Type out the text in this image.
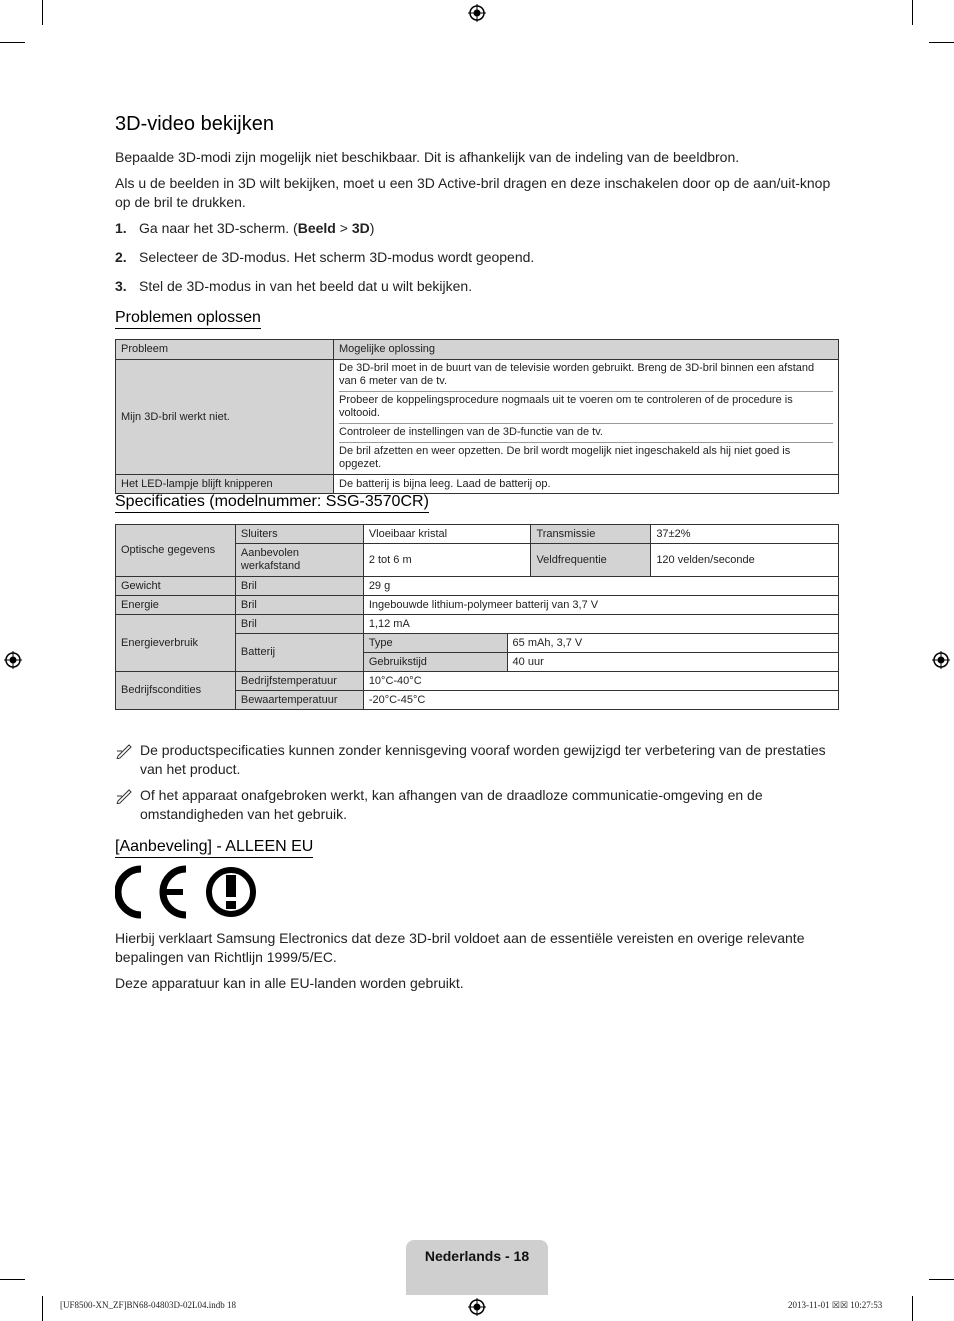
3D-video bekijken

Bepaalde 3D-modi zijn mogelijk niet beschikbaar. Dit is afhankelijk van de indeling van de beeldbron.

Als u de beelden in 3D wilt bekijken, moet u een 3D Active-bril dragen en deze inschakelen door op de aan/uit-knop op de bril te drukken.

1. Ga naar het 3D-scherm. (Beeld > 3D)
2. Selecteer de 3D-modus. Het scherm 3D-modus wordt geopend.
3. Stel de 3D-modus in van het beeld dat u wilt bekijken.
Problemen oplossen
Probleem	Mogelijke oplossing
Mijn 3D-bril werkt niet.	De 3D-bril moet in de buurt van de televisie worden gebruikt. Breng de 3D-bril binnen een afstand van 6 meter van de tv.
Probeer de koppelingsprocedure nogmaals uit te voeren om te controleren of de procedure is voltooid.
Controleer de instellingen van de 3D-functie van de tv.
De bril afzetten en weer opzetten. De bril wordt mogelijk niet ingeschakeld als hij niet goed is opgezet.

Het LED-lampje blijft knipperen	De batterij is bijna leeg. Laad de batterij op.
Specificaties (modelnummer: SSG-3570CR)
Optische gegevens	Sluiters	Vloeibaar kristal		Transmissie	37±2%
	Aanbevolen werkafstand	2 tot 6 m		Veldfrequentie	120 velden/seconde
Gewicht	Bril	29 g			
Energie	Bril	Ingebouwde lithium-polymeer batterij van 3,7 V			
Energieverbruik	Bril	1,12 mA			
	Batterij	Type	65 mAh, 3,7 V		
		Gebruikstijd	40 uur		
Bedrijfscondities	Bedrijfstemperatuur	10°C-40°C			
	Bewaartemperatuur	-20°C-45°C			
De productspecificaties kunnen zonder kennisgeving vooraf worden gewijzigd ter verbetering van de prestaties van het product.
Of het apparaat onafgebroken werkt, kan afhangen van de draadloze communicatie-omgeving en de omstandigheden van het gebruik.
[Aanbeveling] - ALLEEN EU

Hierbij verklaart Samsung Electronics dat deze 3D-bril voldoet aan de essentiële vereisten en overige relevante bepalingen van Richtlijn 1999/5/EC.

Deze apparatuur kan in alle EU-landen worden gebruikt.

Nederlands - 18
[UF8500-XN_ZF]BN68-04803D-02L04.indb 18	2013-11-01 ☒☒ 10:27:53
